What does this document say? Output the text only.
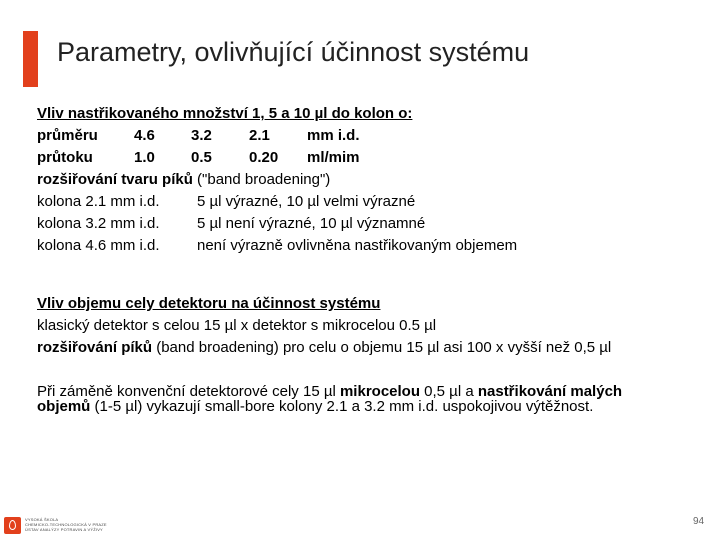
Parametry, ovlivňující účinnost systému
Vliv nastřikovaného množství 1, 5 a 10 µl do kolon o:
průměru 4.6 3.2 2.1 mm i.d.
průtoku	1.0 0.5 0.20 ml/mim
rozšiřování tvaru píků ("band broadening")
kolona 2.1 mm i.d. 5 µl výrazné, 10 µl velmi výrazné
kolona 3.2 mm i.d. 5 µl není výrazné, 10 µl významné
kolona 4.6 mm i.d. není výrazně ovlivněna nastřikovaným objemem
Vliv objemu cely detektoru na účinnost systému
klasický detektor s celou 15 µl x detektor s mikrocelou 0.5 µl
rozšiřování píků (band broadening) pro celu o objemu 15 µl asi 100 x vyšší než 0,5 µl
Při záměně konvenční detektorové cely 15 µl mikrocelou 0,5 µl a nastřikování malých objemů (1-5 µl) vykazují small-bore kolony 2.1 a 3.2 mm i.d. uspokojivou výtěžnost.
VYSOKÁ ŠKOLA
CHEMICKO-TECHNOLOGICKÁ V PRAZE
ÚSTAV ANALÝZY POTRAVIN A VÝŽIVY
94
